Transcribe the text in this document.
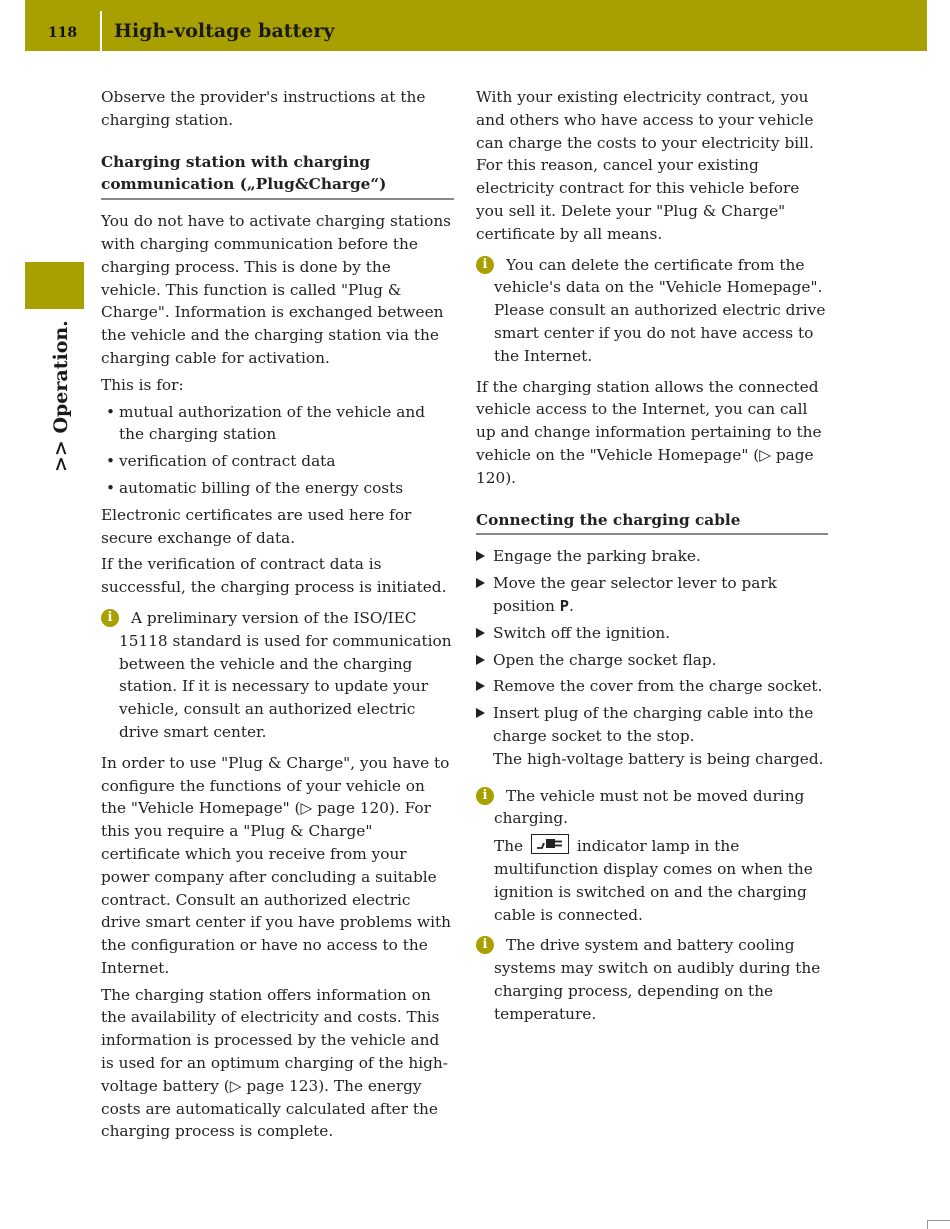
118	High-voltage battery
>> Operation.

Observe the provider's instructions at the charging station.

Charging station with charging communication („Plug&Charge“)

You do not have to activate charging stations with charging communication before the charging process. This is done by the vehicle. This function is called "Plug & Charge". Information is exchanged between the vehicle and the charging station via the charging cable for activation.

This is for:

• mutual authorization of the vehicle and the charging station
• verification of contract data
• automatic billing of the energy costs

Electronic certificates are used here for secure exchange of data.

If the verification of contract data is successful, the charging process is initiated.

i	A preliminary version of the ISO/IEC 15118 standard is used for communication between the vehicle and the charging station. If it is necessary to update your vehicle, consult an authorized electric drive smart center.

In order to use "Plug & Charge", you have to configure the functions of your vehicle on the "Vehicle Homepage" (▷ page 120). For this you require a "Plug & Charge" certificate which you receive from your power company after concluding a suitable contract. Consult an authorized electric drive smart center if you have problems with the configuration or have no access to the Internet.

The charging station offers information on the availability of electricity and costs. This information is processed by the vehicle and is used for an optimum charging of the high-voltage battery (▷ page 123). The energy costs are automatically calculated after the charging process is complete.

With your existing electricity contract, you and others who have access to your vehicle can charge the costs to your electricity bill. For this reason, cancel your existing electricity contract for this vehicle before you sell it. Delete your "Plug & Charge" certificate by all means.

i	You can delete the certificate from the vehicle's data on the "Vehicle Homepage". Please consult an authorized electric drive smart center if you do not have access to the Internet.

If the charging station allows the connected vehicle access to the Internet, you can call up and change information pertaining to the vehicle on the "Vehicle Homepage" (▷ page 120).

Connecting the charging cable
Engage the parking brake.
Move the gear selector lever to park position P.
Switch off the ignition.
Open the charge socket flap.
Remove the cover from the charge socket.
Insert plug of the charging cable into the charge socket to the stop.
The high-voltage battery is being charged.
i	The vehicle must not be moved during charging.
The	indicator lamp in the multifunction display comes on when the ignition is switched on and the charging cable is connected.
i	The drive system and battery cooling systems may switch on audibly during the charging process, depending on the temperature.
